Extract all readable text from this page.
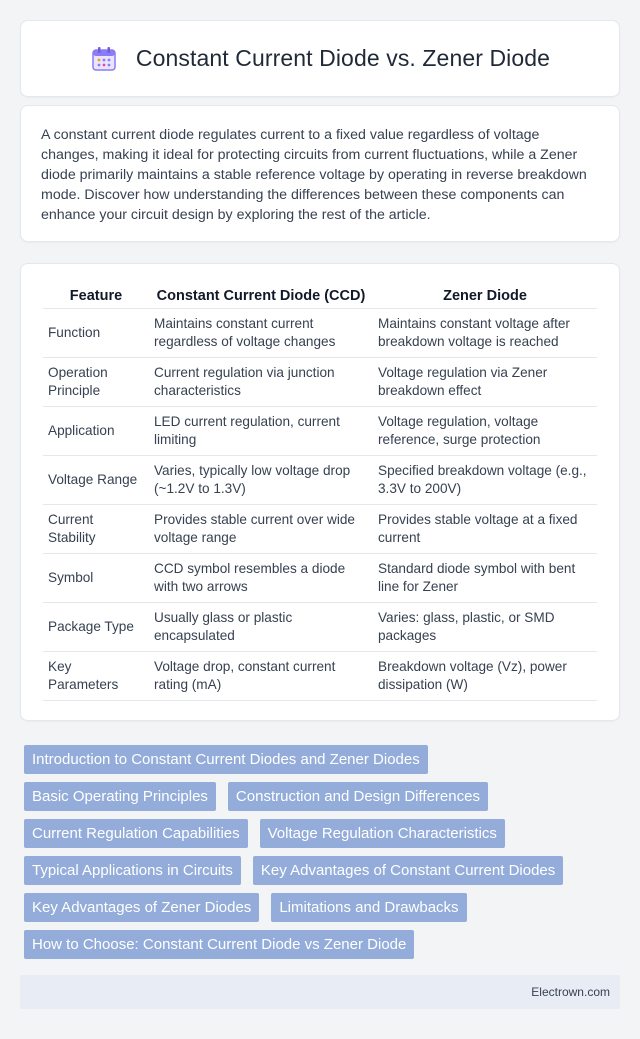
Constant Current Diode vs. Zener Diode

A constant current diode regulates current to a fixed value regardless of voltage changes, making it ideal for protecting circuits from current fluctuations, while a Zener diode primarily maintains a stable reference voltage by operating in reverse breakdown mode. Discover how understanding the differences between these components can enhance your circuit design by exploring the rest of the article.

Feature	Constant Current Diode (CCD)	Zener Diode
Function	Maintains constant current regardless of voltage changes	Maintains constant voltage after breakdown voltage is reached
Operation Principle	Current regulation via junction characteristics	Voltage regulation via Zener breakdown effect
Application	LED current regulation, current limiting	Voltage regulation, voltage reference, surge protection
Voltage Range	Varies, typically low voltage drop (~1.2V to 1.3V)	Specified breakdown voltage (e.g., 3.3V to 200V)
Current Stability	Provides stable current over wide voltage range	Provides stable voltage at a fixed current
Symbol	CCD symbol resembles a diode with two arrows	Standard diode symbol with bent line for Zener
Package Type	Usually glass or plastic encapsulated	Varies: glass, plastic, or SMD packages
Key Parameters	Voltage drop, constant current rating (mA)	Breakdown voltage (Vz), power dissipation (W)
Introduction to Constant Current Diodes and Zener Diodes
Basic Operating Principles	Construction and Design Differences
Current Regulation Capabilities	Voltage Regulation Characteristics
Typical Applications in Circuits	Key Advantages of Constant Current Diodes
Key Advantages of Zener Diodes	Limitations and Drawbacks
How to Choose: Constant Current Diode vs Zener Diode
Electrown.com
